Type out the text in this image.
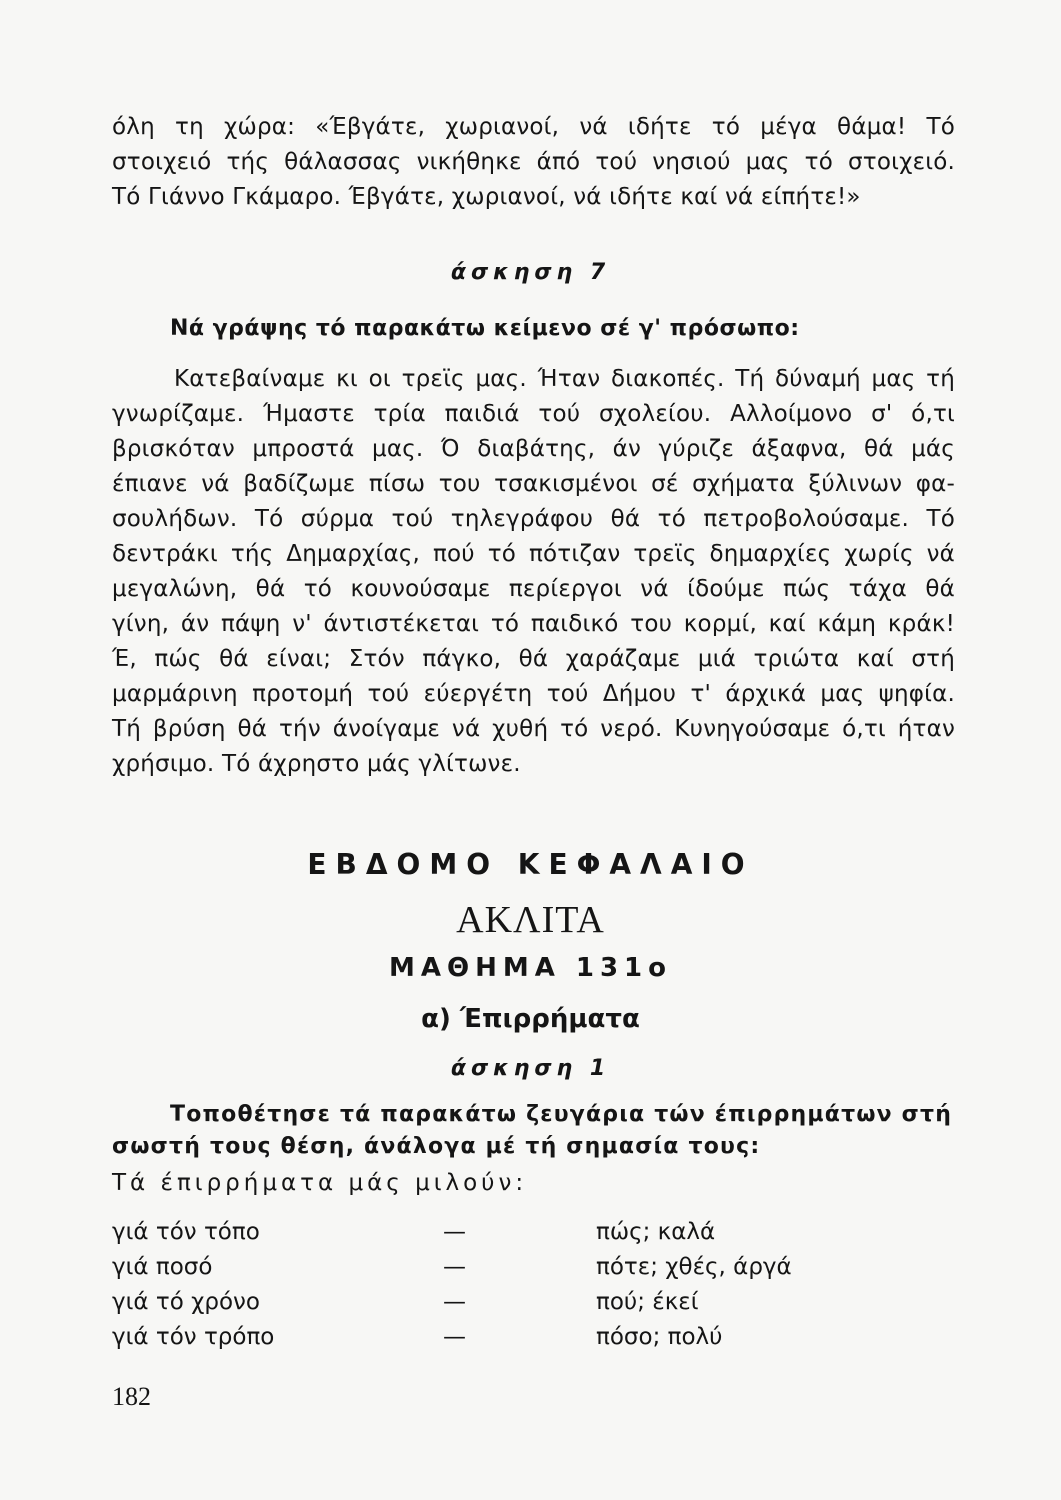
όλη τη χώρα: «Έβγάτε, χωριανοί, νά ιδήτε τό μέγα θάμα! Τό
στοιχειό τής θάλασσας νικήθηκε άπό τού νησιού μας τό στοιχειό.
Τό Γιάννο Γκάμαρο. Έβγάτε, χωριανοί, νά ιδήτε καί νά είπήτε!»
άσκηση 7
Νά γράψης τό παρακάτω κείμενο σέ γ' πρόσωπο:
Κατεβαίναμε κι οι τρεϊς μας. Ήταν διακοπές. Τή δύναμή μας τή
γνωρίζαμε. Ήμαστε τρία παιδιά τού σχολείου. Αλλοίμονο σ' ό,τι
βρισκόταν μπροστά μας. Ό διαβάτης, άν γύριζε άξαφνα, θά μάς
έπιανε νά βαδίζωμε πίσω του τσακισμένοι σέ σχήματα ξύλινων φα-
σουλήδων. Τό σύρμα τού τηλεγράφου θά τό πετροβολούσαμε. Τό
δεντράκι τής Δημαρχίας, πού τό πότιζαν τρεϊς δημαρχίες χωρίς νά
μεγαλώνη, θά τό κουνούσαμε περίεργοι νά ίδούμε πώς τάχα θά
γίνη, άν πάψη ν' άντιστέκεται τό παιδικό του κορμί, καί κάμη κράκ!
Έ, πώς θά είναι; Στόν πάγκο, θά χαράζαμε μιά τριώτα καί στή
μαρμάρινη προτομή τού εύεργέτη τού Δήμου τ' άρχικά μας ψηφία.
Τή βρύση θά τήν άνοίγαμε νά χυθή τό νερό. Κυνηγούσαμε ό,τι ήταν
χρήσιμο. Τό άχρηστο μάς γλίτωνε.
ΕΒΔΟΜΟ ΚΕΦΑΛΑΙΟ
ΑΚΛΙΤΑ
ΜΑΘΗΜΑ 131ο
α) Έπιρρήματα
άσκηση 1
Τοποθέτησε τά παρακάτω ζευγάρια τών έπιρρημάτων στή
σωστή τους θέση, άνάλογα μέ τή σημασία τους:
Τά έπιρρήματα μάς μιλούν:
γιά τόν τόπο	—	πώς; καλά
γιά ποσό	—	πότε; χθές, άργά
γιά τό χρόνο	—	πού; έκεί
γιά τόν τρόπο	—	πόσο; πολύ
182
